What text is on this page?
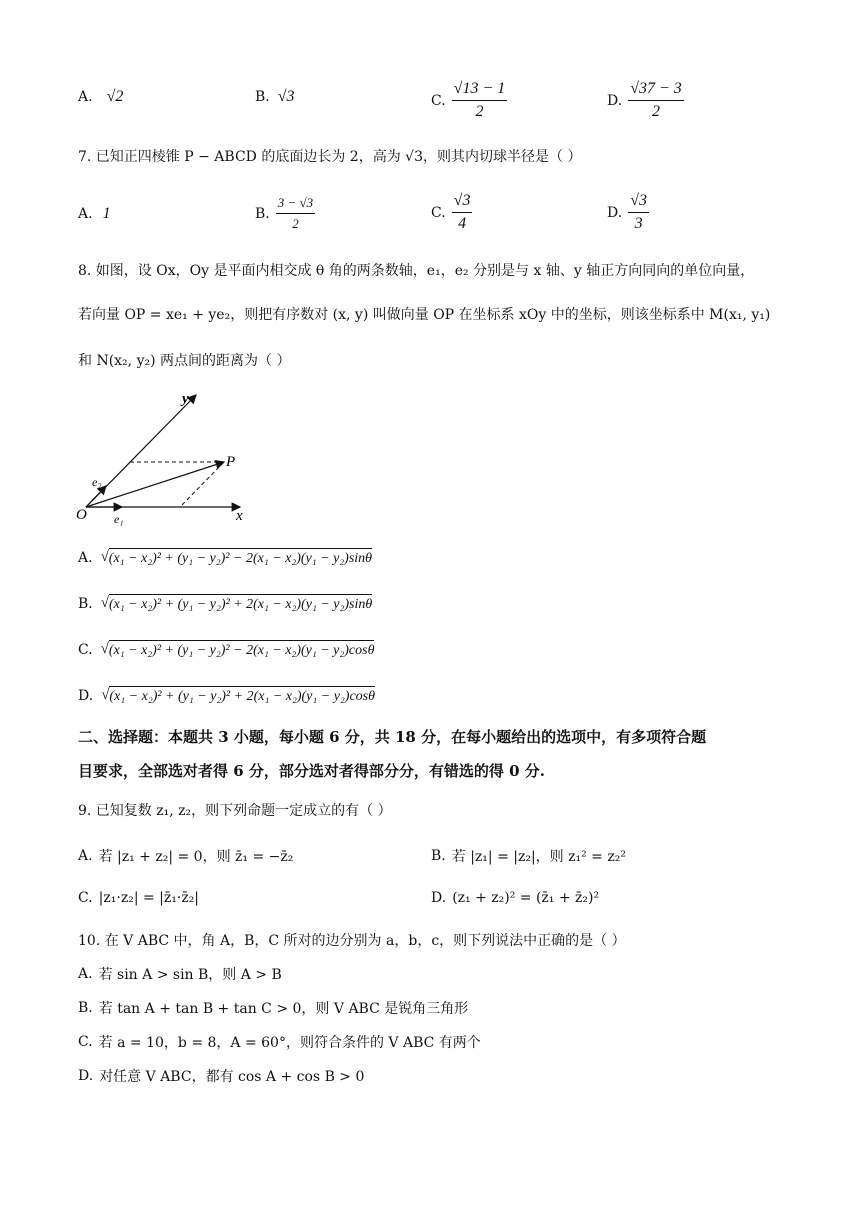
A. √2	B. √3	C. $\frac{√13 - 1}{2}$	D. $\frac{√37 - 3}{2}$
7. 已知正四棱锥 P − ABCD 的底面边长为 2，高为 √3，则其内切球半径是（ ）
A. 1	B. $\frac{3 - √3}{2}$	C. $\frac{√3}{4}$	D. $\frac{√3}{3}$
8. 如图，设 Ox，Oy 是平面内相交成 θ 角的两条数轴，e₁，e₂ 分别是与 x 轴、y 轴正方向同向的单位向量，
若向量 OP = xe₁ + ye₂，则把有序数对 (x, y) 叫做向量 OP 在坐标系 xOy 中的坐标，则该坐标系中 M(x₁, y₁)
和 N(x₂, y₂) 两点间的距离为（ ）
y
x
O
P
e₁
e₂
A. √ (x₁ − x₂)² + (y₁ − y₂)² − 2(x₁ − x₂)(y₁ − y₂)sinθ
B. √ (x₁ − x₂)² + (y₁ − y₂)² + 2(x₁ − x₂)(y₁ − y₂)sinθ
C. √ (x₁ − x₂)² + (y₁ − y₂)² − 2(x₁ − x₂)(y₁ − y₂)cosθ
D. √ (x₁ − x₂)² + (y₁ − y₂)² + 2(x₁ − x₂)(y₁ − y₂)cosθ
二、选择题：本题共 3 小题，每小题 6 分，共 18 分，在每小题给出的选项中，有多项符合题
目要求，全部选对者得 6 分，部分选对者得部分分，有错选的得 0 分.
9. 已知复数 z₁, z₂，则下列命题一定成立的有（ ）
A. 若 |z₁ + z₂| = 0，则 z̄₁ = −z̄₂	B. 若 |z₁| = |z₂|，则 z₁² = z₂²
C. |z₁·z₂| = |z̄₁·z̄₂|	D. (z₁ + z₂)² = (z̄₁ + z̄₂)²
10. 在 V ABC 中，角 A，B，C 所对的边分别为 a，b，c，则下列说法中正确的是（ ）
A. 若 sin A > sin B，则 A > B
B. 若 tan A + tan B + tan C > 0，则 V ABC 是锐角三角形
C. 若 a = 10，b = 8，A = 60°，则符合条件的 V ABC 有两个
D. 对任意 V ABC，都有 cos A + cos B > 0
